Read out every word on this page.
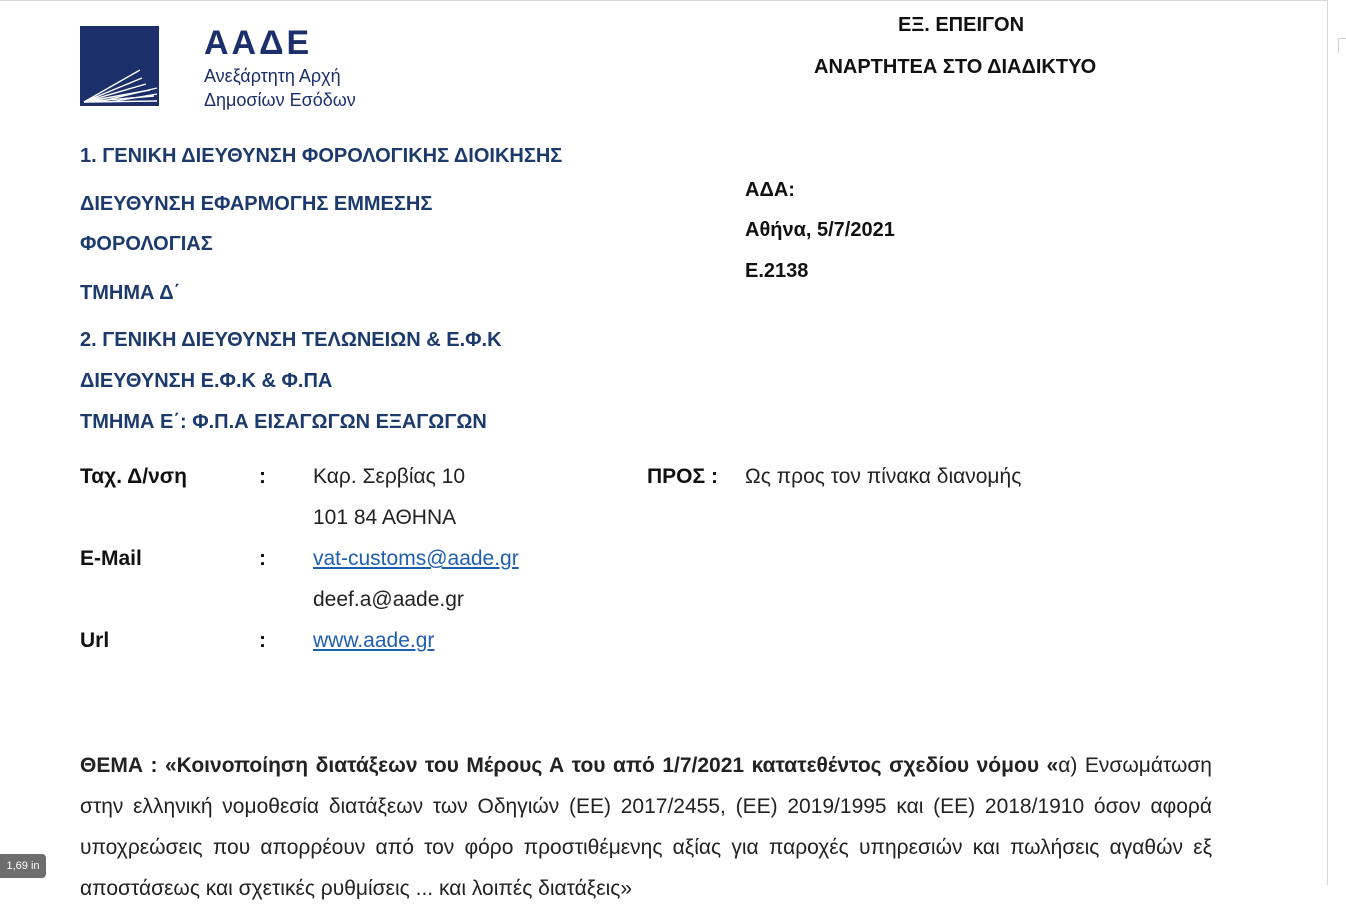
ΑΑΔΕ
Ανεξάρτητη Αρχή
Δημοσίων Εσόδων
ΕΞ. ΕΠΕΙΓΟΝ
ΑΝΑΡΤΗΤΕΑ ΣΤΟ ΔΙΑΔΙΚΤΥΟ
1. ΓΕΝΙΚΗ ΔΙΕΥΘΥΝΣΗ ΦΟΡΟΛΟΓΙΚΗΣ ΔΙΟΙΚΗΣΗΣ
ΔΙΕΥΘΥΝΣΗ ΕΦΑΡΜΟΓΗΣ ΕΜΜΕΣΗΣ
ΦΟΡΟΛΟΓΙΑΣ
ΤΜΗΜΑ Δ΄
2. ΓΕΝΙΚΗ ΔΙΕΥΘΥΝΣΗ ΤΕΛΩΝΕΙΩΝ & Ε.Φ.Κ
ΔΙΕΥΘΥΝΣΗ Ε.Φ.Κ & Φ.ΠΑ
ΤΜΗΜΑ Ε΄: Φ.Π.Α ΕΙΣΑΓΩΓΩΝ ΕΞΑΓΩΓΩΝ
ΑΔΑ:
Αθήνα, 5/7/2021
Ε.2138
Ταχ. Δ/νση	: Καρ. Σερβίας 10
101 84 ΑΘΗΝΑ
E-Mail	: vat-customs@aade.gr
deef.a@aade.gr
Url	: www.aade.gr
ΠΡΟΣ : Ως προς τον πίνακα διανομής
ΘΕΜΑ : «Κοινοποίηση διατάξεων του Μέρους Α του από 1/7/2021 κατατεθέντος σχεδίου νόμου «α) Ενσωμάτωση στην ελληνική νομοθεσία διατάξεων των Οδηγιών (ΕΕ) 2017/2455, (ΕΕ) 2019/1995 και (ΕΕ) 2018/1910 όσον αφορά υποχρεώσεις που απορρέουν από τον φόρο προστιθέμενης αξίας για παροχές υπηρεσιών και πωλήσεις αγαθών εξ αποστάσεως και σχετικές ρυθμίσεις ... και λοιπές διατάξεις»
1,69 in
